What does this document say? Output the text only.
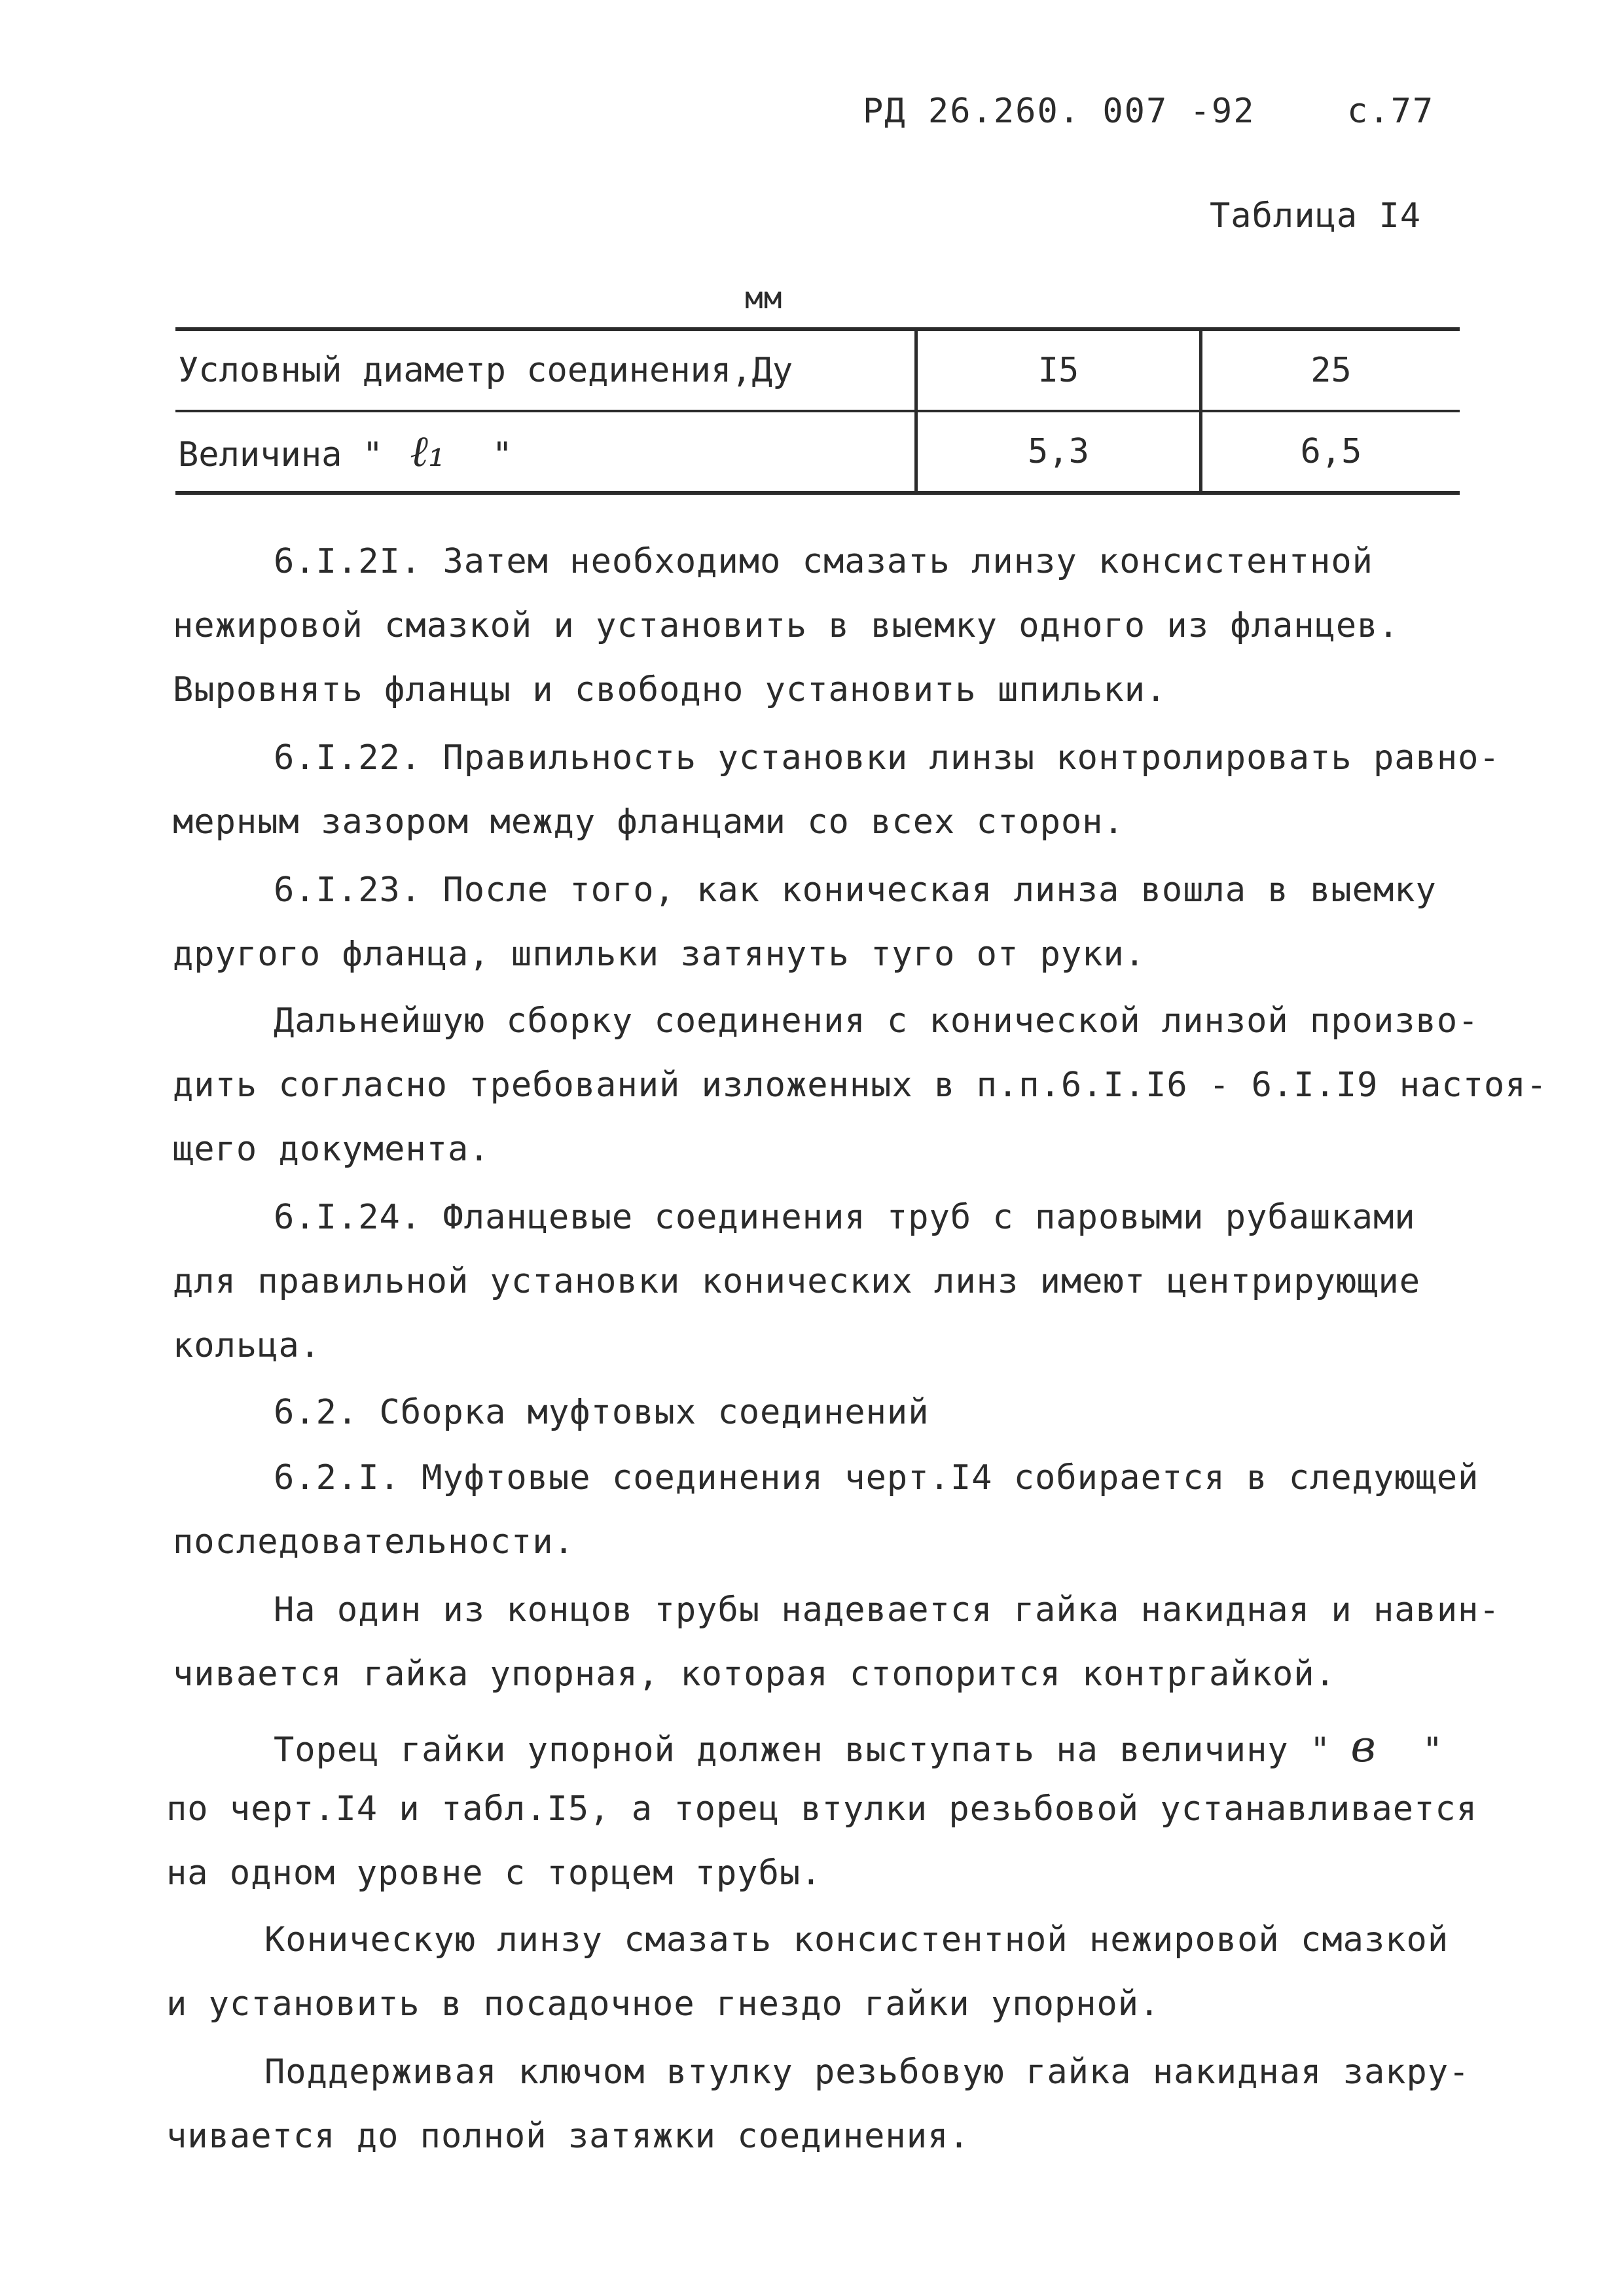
РД 26.260. 007 -92	с.77
Таблица I4
мм
Условный диаметр соединения,Ду	I5	25
Величина " ℓ₁ "	5,3	6,5
6.I.2I. Затем необходимо смазать линзу консистентной
нежировой смазкой и установить в выемку одного из фланцев.
Выровнять фланцы и свободно установить шпильки.
6.I.22. Правильность установки линзы контролировать равно-
мерным зазором между фланцами со всех сторон.
6.I.23. После того, как коническая линза вошла в выемку
другого фланца, шпильки затянуть туго от руки.
Дальнейшую сборку соединения с конической линзой произво-
дить согласно требований изложенных в п.п.6.I.I6 - 6.I.I9 настоя-
щего документа.
6.I.24. Фланцевые соединения труб с паровыми рубашками
для правильной установки конических линз имеют центрирующие
кольца.
6.2. Сборка муфтовых соединений
6.2.I. Муфтовые соединения черт.I4 собирается в следующей
последовательности.
На один из концов трубы надевается гайка накидная и навин-
чивается гайка упорная, которая стопорится контргайкой.
Торец гайки упорной должен выступать на величину " в "
по черт.I4 и табл.I5, а торец втулки резьбовой устанавливается
на одном уровне с торцем трубы.
Коническую линзу смазать консистентной нежировой смазкой
и установить в посадочное гнездо гайки упорной.
Поддерживая ключом втулку резьбовую гайка накидная закру-
чивается до полной затяжки соединения.
